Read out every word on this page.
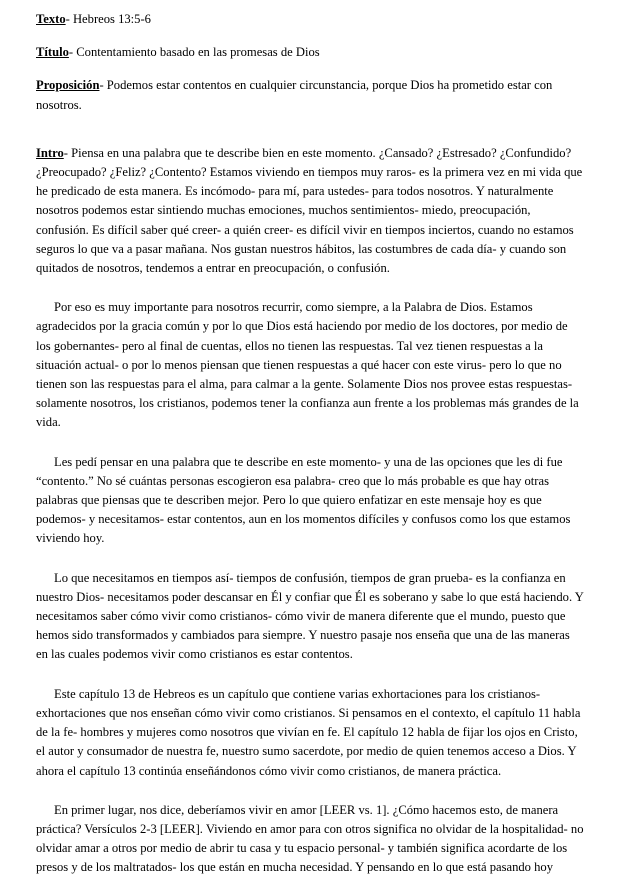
Texto- Hebreos 13:5-6

Título- Contentamiento basado en las promesas de Dios

Proposición- Podemos estar contentos en cualquier circunstancia, porque Dios ha prometido estar con nosotros.

Intro- Piensa en una palabra que te describe bien en este momento. ¿Cansado? ¿Estresado? ¿Confundido? ¿Preocupado? ¿Feliz? ¿Contento? Estamos viviendo en tiempos muy raros- es la primera vez en mi vida que he predicado de esta manera. Es incómodo- para mí, para ustedes- para todos nosotros. Y naturalmente nosotros podemos estar sintiendo muchas emociones, muchos sentimientos- miedo, preocupación, confusión. Es difícil saber qué creer- a quién creer- es difícil vivir en tiempos inciertos, cuando no estamos seguros lo que va a pasar mañana. Nos gustan nuestros hábitos, las costumbres de cada día- y cuando son quitados de nosotros, tendemos a entrar en preocupación, o confusión.

Por eso es muy importante para nosotros recurrir, como siempre, a la Palabra de Dios. Estamos agradecidos por la gracia común y por lo que Dios está haciendo por medio de los doctores, por medio de los gobernantes- pero al final de cuentas, ellos no tienen las respuestas. Tal vez tienen respuestas a la situación actual- o por lo menos piensan que tienen respuestas a qué hacer con este virus- pero lo que no tienen son las respuestas para el alma, para calmar a la gente. Solamente Dios nos provee estas respuestas- solamente nosotros, los cristianos, podemos tener la confianza aun frente a los problemas más grandes de la vida.

Les pedí pensar en una palabra que te describe en este momento- y una de las opciones que les di fue “contento.” No sé cuántas personas escogieron esa palabra- creo que lo más probable es que hay otras palabras que piensas que te describen mejor. Pero lo que quiero enfatizar en este mensaje hoy es que podemos- y necesitamos- estar contentos, aun en los momentos difíciles y confusos como los que estamos viviendo hoy.

Lo que necesitamos en tiempos así- tiempos de confusión, tiempos de gran prueba- es la confianza en nuestro Dios- necesitamos poder descansar en Él y confiar que Él es soberano y sabe lo que está haciendo. Y necesitamos saber cómo vivir como cristianos- cómo vivir de manera diferente que el mundo, puesto que hemos sido transformados y cambiados para siempre. Y nuestro pasaje nos enseña que una de las maneras en las cuales podemos vivir como cristianos es estar contentos.

Este capítulo 13 de Hebreos es un capítulo que contiene varias exhortaciones para los cristianos- exhortaciones que nos enseñan cómo vivir como cristianos. Si pensamos en el contexto, el capítulo 11 habla de la fe- hombres y mujeres como nosotros que vivían en fe. El capítulo 12 habla de fijar los ojos en Cristo, el autor y consumador de nuestra fe, nuestro sumo sacerdote, por medio de quien tenemos acceso a Dios. Y ahora el capítulo 13 continúa enseñándonos cómo vivir como cristianos, de manera práctica.

En primer lugar, nos dice, deberíamos vivir en amor [LEER vs. 1]. ¿Cómo hacemos esto, de manera práctica? Versículos 2-3 [LEER]. Viviendo en amor para con otros significa no olvidar de la hospitalidad- no olvidar amar a otros por medio de abrir tu casa y tu espacio personal- y también significa acordarte de los presos y de los maltratados- los que están en mucha necesidad. Y pensando en lo que está pasando hoy
